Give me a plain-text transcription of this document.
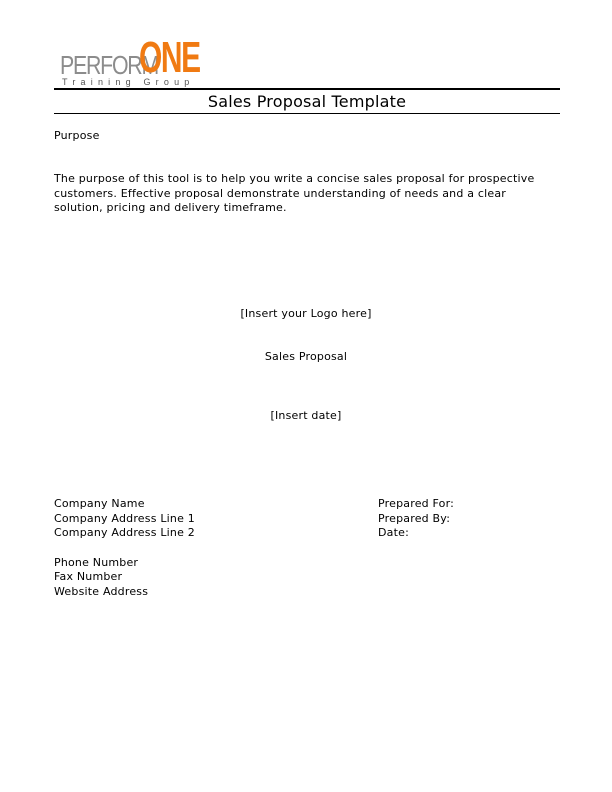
PERFORM
ONE
Training Group
Sales Proposal Template
Purpose
The purpose of this tool is to help you write a concise sales proposal for prospective customers. Effective proposal demonstrate understanding of needs and a clear solution, pricing and delivery timeframe.
[Insert your Logo here]
Sales Proposal
[Insert date]
Company Name
Company Address Line 1
Company Address Line 2
Phone Number
Fax Number
Website Address
Prepared For:
Prepared By:
Date:
